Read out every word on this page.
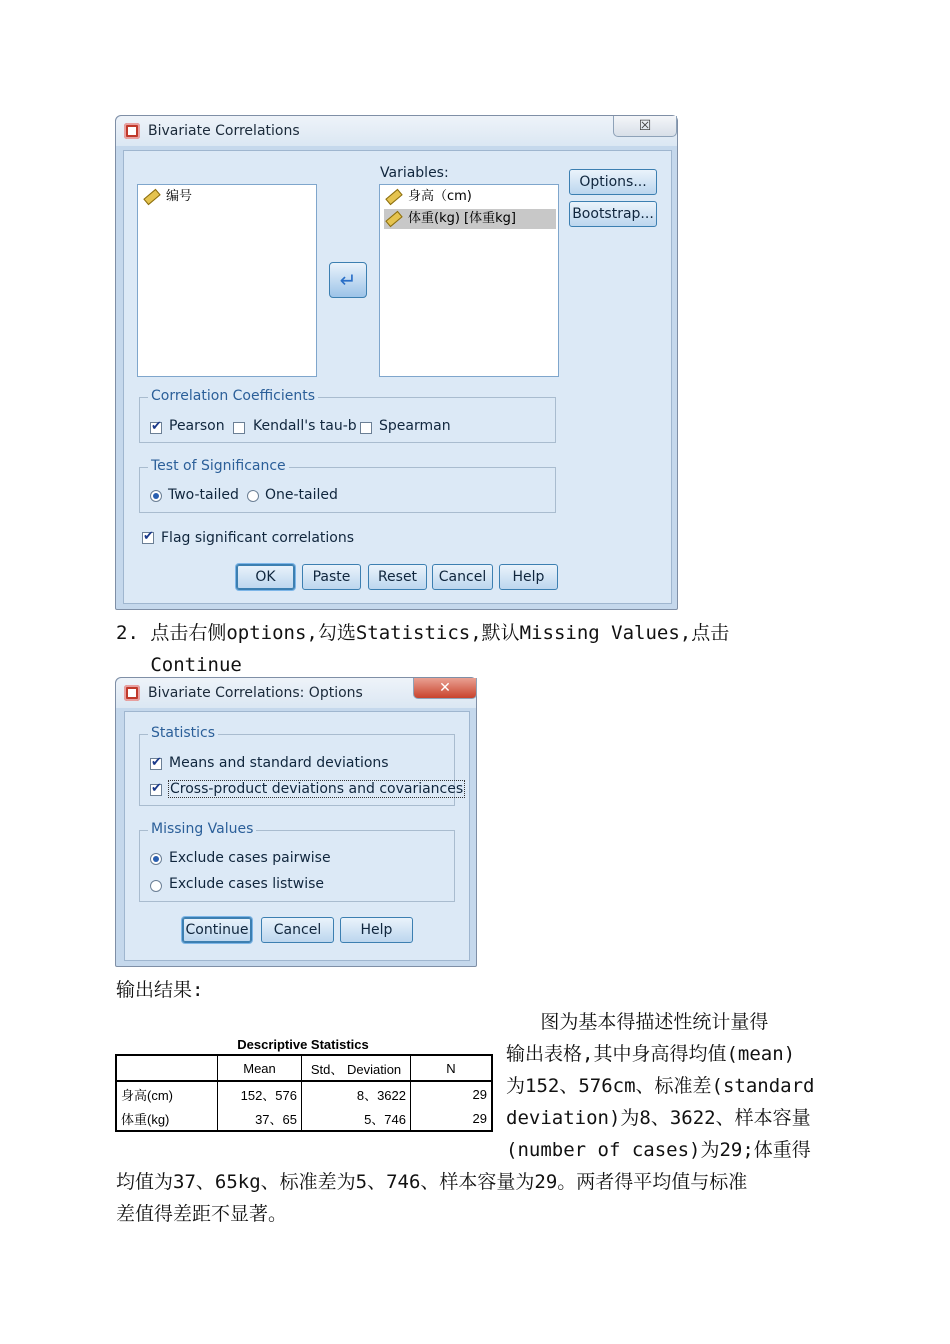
Bivariate Correlations	☒
编号
↵
Variables:
身高（cm)
体重(kg) [体重kg]
Options...
Bootstrap...
Correlation Coefficients
✔
Pearson Kendall's tau-b Spearman
Test of Significance
Two-tailed One-tailed
✔
Flag significant correlations
OK	Paste	Reset	Cancel	Help
2. 点击右侧options,勾选Statistics,默认Missing Values,点击
Continue
Bivariate Correlations: Options	✕
Statistics
✔
Means and standard deviations
✔
Cross-product deviations and covariances
Missing Values
Exclude cases pairwise
Exclude cases listwise
Continue	Cancel	Help
输出结果:
Descriptive Statistics
	Mean	Std、 Deviation	N
身高(cm)	152、576	8、3622	29
体重(kg)	37、65	5、746	29
图为基本得描述性统计量得
输出表格,其中身高得均值(mean)
为152、576cm、标准差(standard
deviation)为8、3622、样本容量
(number of cases)为29;体重得
均值为37、65kg、标准差为5、746、样本容量为29。两者得平均值与标准
差值得差距不显著。
